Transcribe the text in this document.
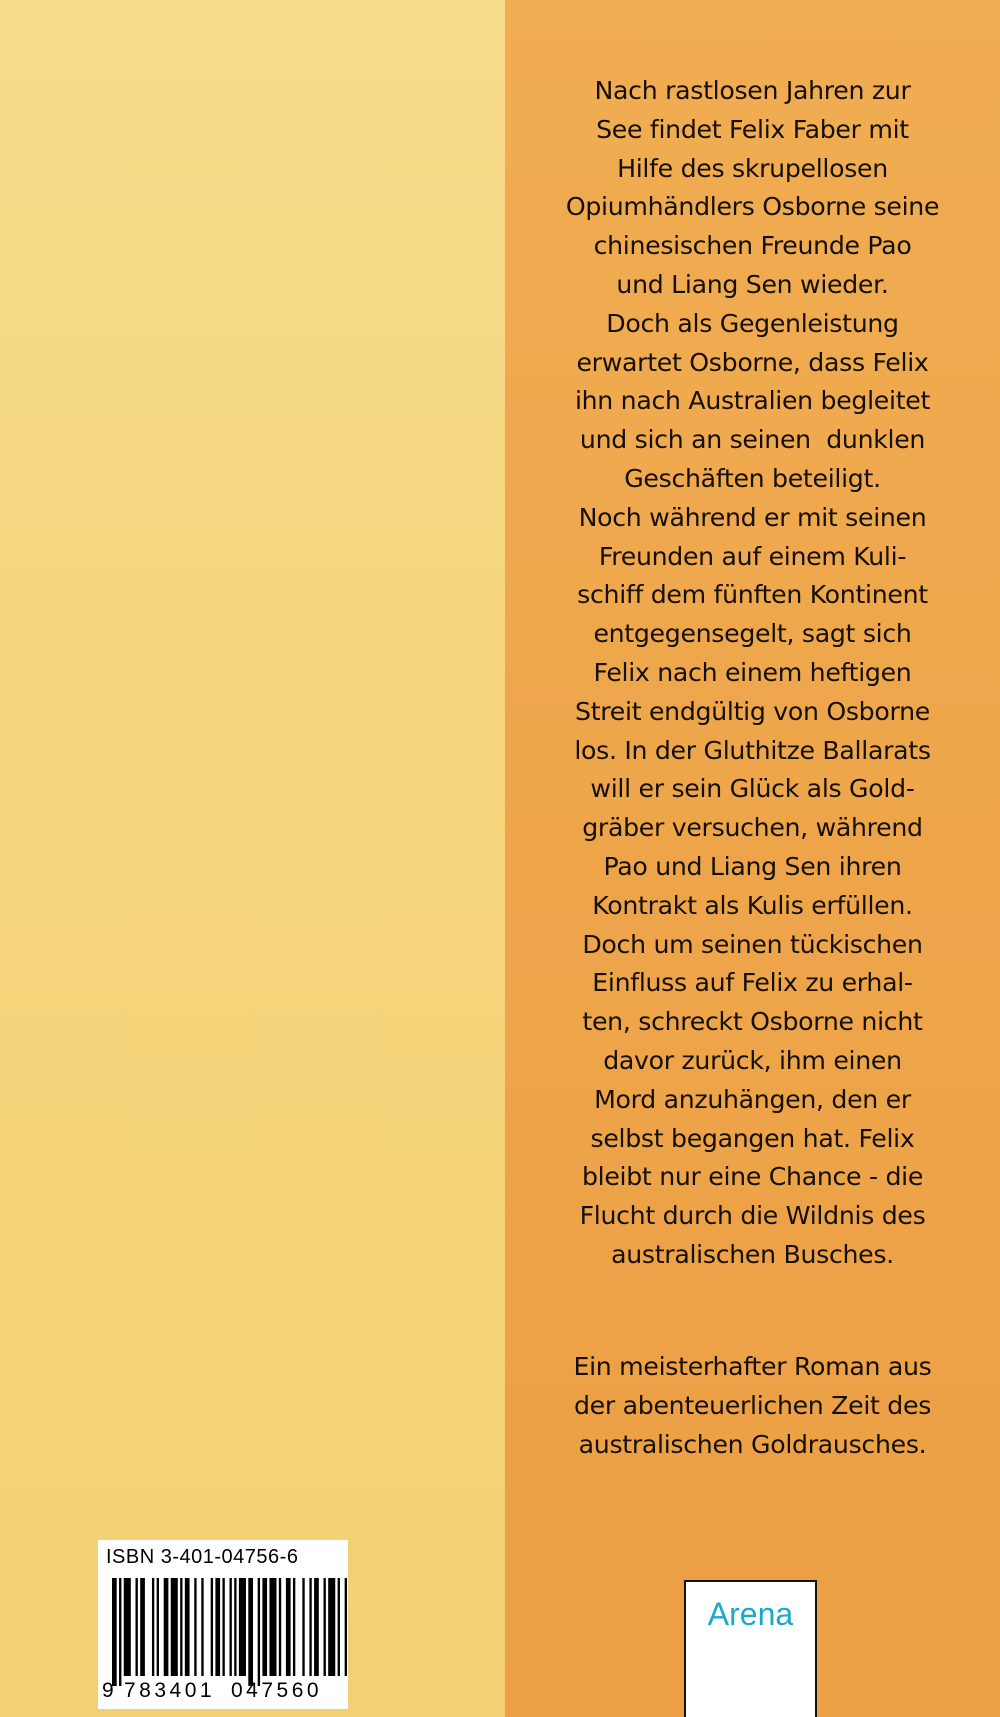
Nach rastlosen Jahren zur
See findet Felix Faber mit
Hilfe des skrupellosen
Opiumhändlers Osborne seine
chinesischen Freunde Pao
und Liang Sen wieder.
Doch als Gegenleistung
erwartet Osborne, dass Felix
ihn nach Australien begleitet
und sich an seinen  dunklen
Geschäften beteiligt.
Noch während er mit seinen
Freunden auf einem Kuli-
schiff dem fünften Kontinent
entgegensegelt, sagt sich
Felix nach einem heftigen
Streit endgültig von Osborne
los. In der Gluthitze Ballarats
will er sein Glück als Gold-
gräber versuchen, während
Pao und Liang Sen ihren
Kontrakt als Kulis erfüllen.
Doch um seinen tückischen
Einfluss auf Felix zu erhal-
ten, schreckt Osborne nicht
davor zurück, ihm einen
Mord anzuhängen, den er
selbst begangen hat. Felix
bleibt nur eine Chance - die
Flucht durch die Wildnis des
australischen Busches.
Ein meisterhafter Roman aus
der abenteuerlichen Zeit des
australischen Goldrausches.
ISBN 3-401-04756-6
9 783401 047560
Arena
